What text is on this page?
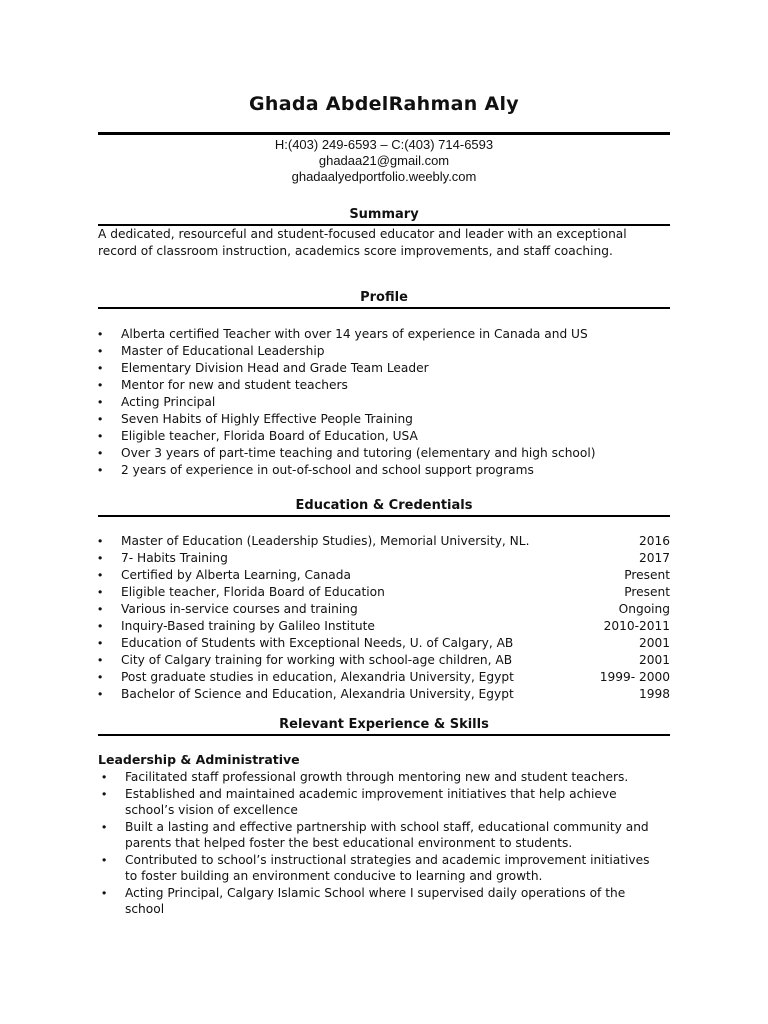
Ghada AbdelRahman Aly
H:(403) 249-6593 – C:(403) 714-6593
ghadaa21@gmail.com
ghadaalyedportfolio.weebly.com
Summary
A dedicated, resourceful and student-focused educator and leader with an exceptional
record of classroom instruction, academics score improvements, and staff coaching.
Profile
•	Alberta certified Teacher with over 14 years of experience in Canada and US
•	Master of Educational Leadership
•	Elementary Division Head and Grade Team Leader
•	Mentor for new and student teachers
•	Acting Principal
•	Seven Habits of Highly Effective People Training
•	Eligible teacher, Florida Board of Education, USA
•	Over 3 years of part-time teaching and tutoring (elementary and high school)
•	2 years of experience in out-of-school and school support programs
Education & Credentials
•	Master of Education (Leadership Studies), Memorial University, NL.	2016
•	7- Habits Training	2017
•	Certified by Alberta Learning, Canada	Present
•	Eligible teacher, Florida Board of Education	Present
•	Various in-service courses and training	Ongoing
•	Inquiry-Based training by Galileo Institute	2010-2011
•	Education of Students with Exceptional Needs, U. of Calgary, AB	2001
•	City of Calgary training for working with school-age children, AB	2001
•	Post graduate studies in education, Alexandria University, Egypt	1999- 2000
•	Bachelor of Science and Education, Alexandria University, Egypt	1998
Relevant Experience & Skills
Leadership & Administrative
• Facilitated staff professional growth through mentoring new and student teachers.
• Established and maintained academic improvement initiatives that help achieve
school’s vision of excellence
• Built a lasting and effective partnership with school staff, educational community and
parents that helped foster the best educational environment to students.
• Contributed to school’s instructional strategies and academic improvement initiatives
to foster building an environment conducive to learning and growth.
• Acting Principal, Calgary Islamic School where I supervised daily operations of the
school
